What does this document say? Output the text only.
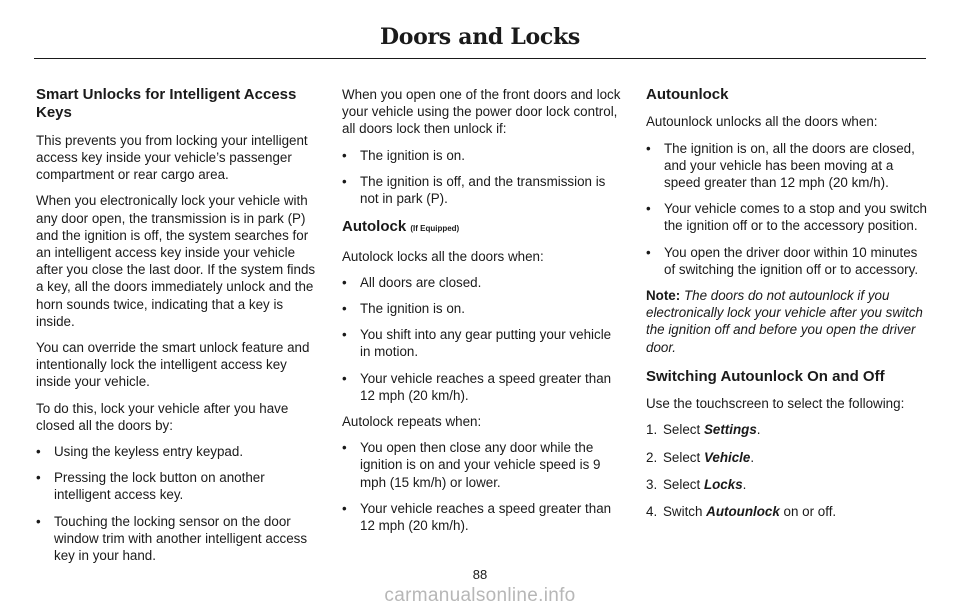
Doors and Locks
Smart Unlocks for Intelligent Access Keys

This prevents you from locking your intelligent access key inside your vehicle’s passenger compartment or rear cargo area.

When you electronically lock your vehicle with any door open, the transmission is in park (P) and the ignition is off, the system searches for an intelligent access key inside your vehicle after you close the last door. If the system finds a key, all the doors immediately unlock and the horn sounds twice, indicating that a key is inside.

You can override the smart unlock feature and intentionally lock the intelligent access key inside your vehicle.

To do this, lock your vehicle after you have closed all the doors by:

• Using the keyless entry keypad.
• Pressing the lock button on another intelligent access key.
• Touching the locking sensor on the door window trim with another intelligent access key in your hand.

When you open one of the front doors and lock your vehicle using the power door lock control, all doors lock then unlock if:

• The ignition is on.
• The ignition is off, and the transmission is not in park (P).
Autolock (If Equipped)

Autolock locks all the doors when:

• All doors are closed.
• The ignition is on.
• You shift into any gear putting your vehicle in motion.
• Your vehicle reaches a speed greater than 12 mph (20 km/h).

Autolock repeats when:

• You open then close any door while the ignition is on and your vehicle speed is 9 mph (15 km/h) or lower.
• Your vehicle reaches a speed greater than 12 mph (20 km/h).
Autounlock

Autounlock unlocks all the doors when:

• The ignition is on, all the doors are closed, and your vehicle has been moving at a speed greater than 12 mph (20 km/h).
• Your vehicle comes to a stop and you switch the ignition off or to the accessory position.
• You open the driver door within 10 minutes of switching the ignition off or to accessory.

Note: The doors do not autounlock if you electronically lock your vehicle after you switch the ignition off and before you open the driver door.

Switching Autounlock On and Off

Use the touchscreen to select the following:

1. Select Settings.
2. Select Vehicle.
3. Select Locks.
4. Switch Autounlock on or off.
88
carmanualsonline.info
